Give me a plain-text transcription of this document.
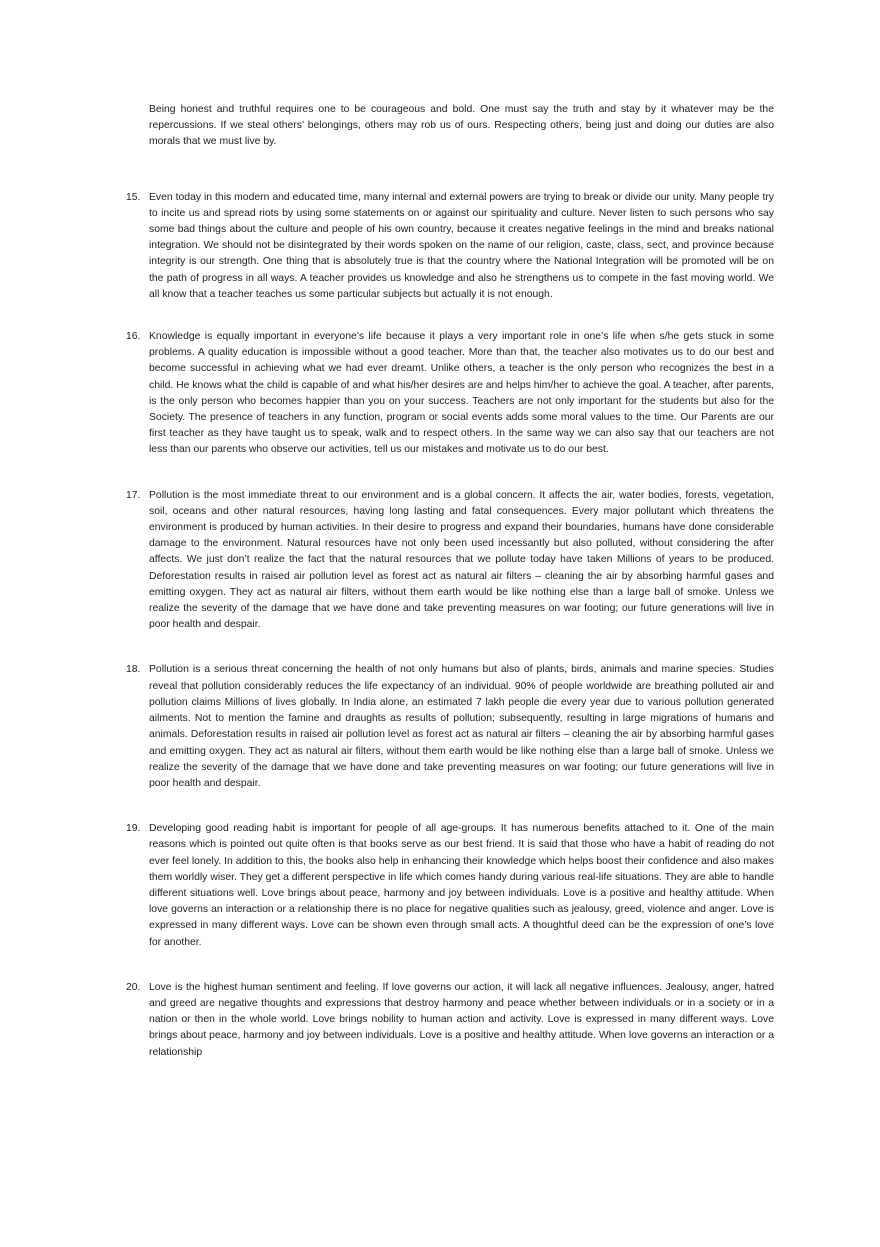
Being honest and truthful requires one to be courageous and bold. One must say the truth and stay by it whatever may be the repercussions. If we steal others’ belongings, others may rob us of ours. Respecting others, being just and doing our duties are also morals that we must live by.

15. Even today in this modern and educated time, many internal and external powers are trying to break or divide our unity. Many people try to incite us and spread riots by using some statements on or against our spirituality and culture. Never listen to such persons who say some bad things about the culture and people of his own country, because it creates negative feelings in the mind and breaks national integration. We should not be disintegrated by their words spoken on the name of our religion, caste, class, sect, and province because integrity is our strength. One thing that is absolutely true is that the country where the National Integration will be promoted will be on the path of progress in all ways. A teacher provides us knowledge and also he strengthens us to compete in the fast moving world. We all know that a teacher teaches us some particular subjects but actually it is not enough.

16. Knowledge is equally important in everyone’s life because it plays a very important role in one’s life when s/he gets stuck in some problems. A quality education is impossible without a good teacher. More than that, the teacher also motivates us to do our best and become successful in achieving what we had ever dreamt. Unlike others, a teacher is the only person who recognizes the best in a child. He knows what the child is capable of and what his/her desires are and helps him/her to achieve the goal. A teacher, after parents, is the only person who becomes happier than you on your success. Teachers are not only important for the students but also for the Society. The presence of teachers in any function, program or social events adds some moral values to the time. Our Parents are our first teacher as they have taught us to speak, walk and to respect others. In the same way we can also say that our teachers are not less than our parents who observe our activities, tell us our mistakes and motivate us to do our best.

17. Pollution is the most immediate threat to our environment and is a global concern. It affects the air, water bodies, forests, vegetation, soil, oceans and other natural resources, having long lasting and fatal consequences. Every major pollutant which threatens the environment is produced by human activities. In their desire to progress and expand their boundaries, humans have done considerable damage to the environment. Natural resources have not only been used incessantly but also polluted, without considering the after affects. We just don’t realize the fact that the natural resources that we pollute today have taken Millions of years to be produced. Deforestation results in raised air pollution level as forest act as natural air filters – cleaning the air by absorbing harmful gases and emitting oxygen. They act as natural air filters, without them earth would be like nothing else than a large ball of smoke. Unless we realize the severity of the damage that we have done and take preventing measures on war footing; our future generations will live in poor health and despair.

18. Pollution is a serious threat concerning the health of not only humans but also of plants, birds, animals and marine species. Studies reveal that pollution considerably reduces the life expectancy of an individual. 90% of people worldwide are breathing polluted air and pollution claims Millions of lives globally. In India alone, an estimated 7 lakh people die every year due to various pollution generated ailments. Not to mention the famine and draughts as results of pollution; subsequently, resulting in large migrations of humans and animals. Deforestation results in raised air pollution level as forest act as natural air filters – cleaning the air by absorbing harmful gases and emitting oxygen. They act as natural air filters, without them earth would be like nothing else than a large ball of smoke. Unless we realize the severity of the damage that we have done and take preventing measures on war footing; our future generations will live in poor health and despair.

19. Developing good reading habit is important for people of all age-groups. It has numerous benefits attached to it. One of the main reasons which is pointed out quite often is that books serve as our best friend. It is said that those who have a habit of reading do not ever feel lonely. In addition to this, the books also help in enhancing their knowledge which helps boost their confidence and also makes them worldly wiser. They get a different perspective in life which comes handy during various real-life situations. They are able to handle different situations well. Love brings about peace, harmony and joy between individuals. Love is a positive and healthy attitude. When love governs an interaction or a relationship there is no place for negative qualities such as jealousy, greed, violence and anger. Love is expressed in many different ways. Love can be shown even through small acts. A thoughtful deed can be the expression of one’s love for another.

20. Love is the highest human sentiment and feeling. If love governs our action, it will lack all negative influences. Jealousy, anger, hatred and greed are negative thoughts and expressions that destroy harmony and peace whether between individuals or in a society or in a nation or then in the whole world. Love brings nobility to human action and activity. Love is expressed in many different ways. Love brings about peace, harmony and joy between individuals. Love is a positive and healthy attitude. When love governs an interaction or a relationship
